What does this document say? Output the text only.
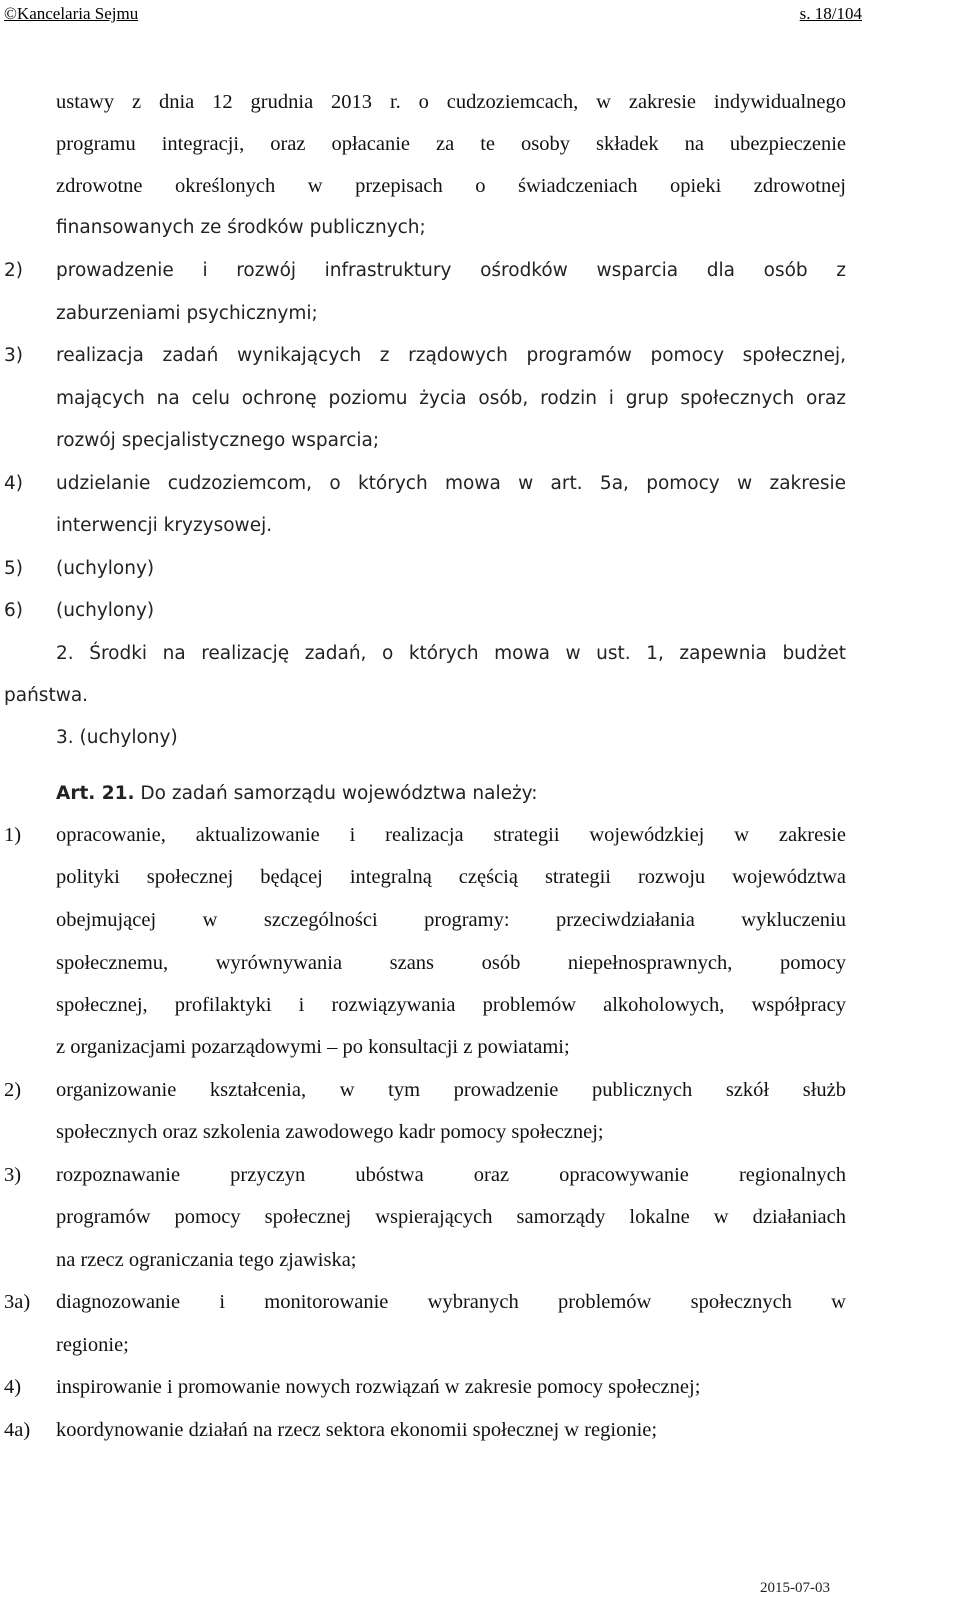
©Kancelaria Sejmu	s. 18/104
ustawy z dnia 12 grudnia 2013 r. o cudzoziemcach, w zakresie indywidualnego
programu integracji, oraz opłacanie za te osoby składek na ubezpieczenie
zdrowotne określonych w przepisach o świadczeniach opieki zdrowotnej
finansowanych ze środków publicznych;
2) prowadzenie i rozwój infrastruktury ośrodków wsparcia dla osób z
zaburzeniami psychicznymi;
3) realizacja zadań wynikających z rządowych programów pomocy społecznej,
mających na celu ochronę poziomu życia osób, rodzin i grup społecznych oraz
rozwój specjalistycznego wsparcia;
4) udzielanie cudzoziemcom, o których mowa w art. 5a, pomocy w zakresie
interwencji kryzysowej.
5) (uchylony)
6) (uchylony)
2. Środki na realizację zadań, o których mowa w ust. 1, zapewnia budżet
państwa.
3. (uchylony)
Art. 21. Do zadań samorządu województwa należy:
1) opracowanie, aktualizowanie i realizacja strategii wojewódzkiej w zakresie
polityki społecznej będącej integralną częścią strategii rozwoju województwa
obejmującej w szczególności programy: przeciwdziałania wykluczeniu
społecznemu, wyrównywania szans osób niepełnosprawnych, pomocy
społecznej, profilaktyki i rozwiązywania problemów alkoholowych, współpracy
z organizacjami pozarządowymi – po konsultacji z powiatami;
2) organizowanie kształcenia, w tym prowadzenie publicznych szkół służb
społecznych oraz szkolenia zawodowego kadr pomocy społecznej;
3) rozpoznawanie przyczyn ubóstwa oraz opracowywanie regionalnych
programów pomocy społecznej wspierających samorządy lokalne w działaniach
na rzecz ograniczania tego zjawiska;
3a) diagnozowanie i monitorowanie wybranych problemów społecznych w
regionie;
4) inspirowanie i promowanie nowych rozwiązań w zakresie pomocy społecznej;
4a) koordynowanie działań na rzecz sektora ekonomii społecznej w regionie;
2015-07-03
